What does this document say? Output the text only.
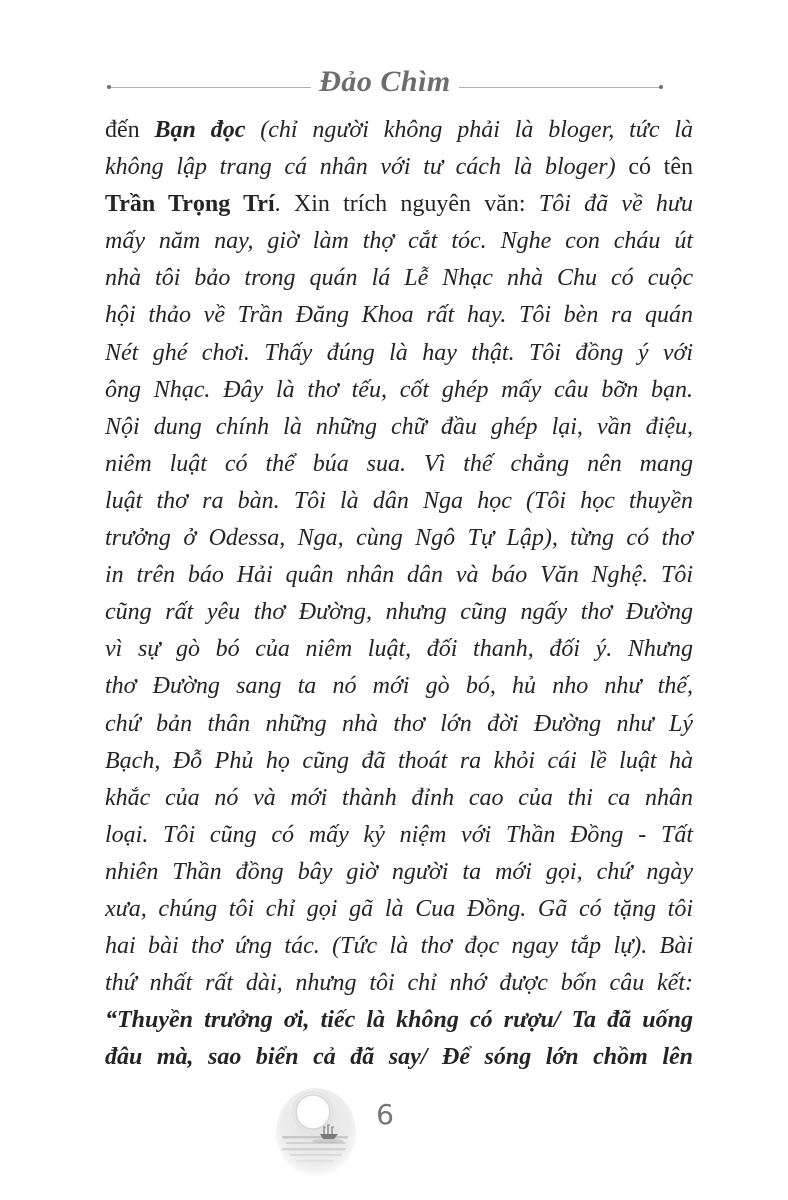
Đảo Chìm
đến Bạn đọc (chỉ người không phải là bloger, tức là
không lập trang cá nhân với tư cách là bloger) có tên
Trần Trọng Trí. Xin trích nguyên văn: Tôi đã về hưu
mấy năm nay, giờ làm thợ cắt tóc. Nghe con cháu út
nhà tôi bảo trong quán lá Lễ Nhạc nhà Chu có cuộc
hội thảo về Trần Đăng Khoa rất hay. Tôi bèn ra quán
Nét ghé chơi. Thấy đúng là hay thật. Tôi đồng ý với
ông Nhạc. Đây là thơ tếu, cốt ghép mấy câu bỡn bạn.
Nội dung chính là những chữ đầu ghép lại, vần điệu,
niêm luật có thể búa sua. Vì thế chẳng nên mang
luật thơ ra bàn. Tôi là dân Nga học (Tôi học thuyền
trưởng ở Odessa, Nga, cùng Ngô Tự Lập), từng có thơ
in trên báo Hải quân nhân dân và báo Văn Nghệ. Tôi
cũng rất yêu thơ Đường, nhưng cũng ngấy thơ Đường
vì sự gò bó của niêm luật, đối thanh, đối ý. Nhưng
thơ Đường sang ta nó mới gò bó, hủ nho như thế,
chứ bản thân những nhà thơ lớn đời Đường như Lý
Bạch, Đỗ Phủ họ cũng đã thoát ra khỏi cái lề luật hà
khắc của nó và mới thành đỉnh cao của thi ca nhân
loại. Tôi cũng có mấy kỷ niệm với Thần Đồng - Tất
nhiên Thần đồng bây giờ người ta mới gọi, chứ ngày
xưa, chúng tôi chỉ gọi gã là Cua Đồng. Gã có tặng tôi
hai bài thơ ứng tác. (Tức là thơ đọc ngay tắp lự). Bài
thứ nhất rất dài, nhưng tôi chỉ nhớ được bốn câu kết:
“Thuyền trưởng ơi, tiếc là không có rượu/ Ta đã uống
đâu mà, sao biển cả đã say/ Để sóng lớn chồm lên
6
